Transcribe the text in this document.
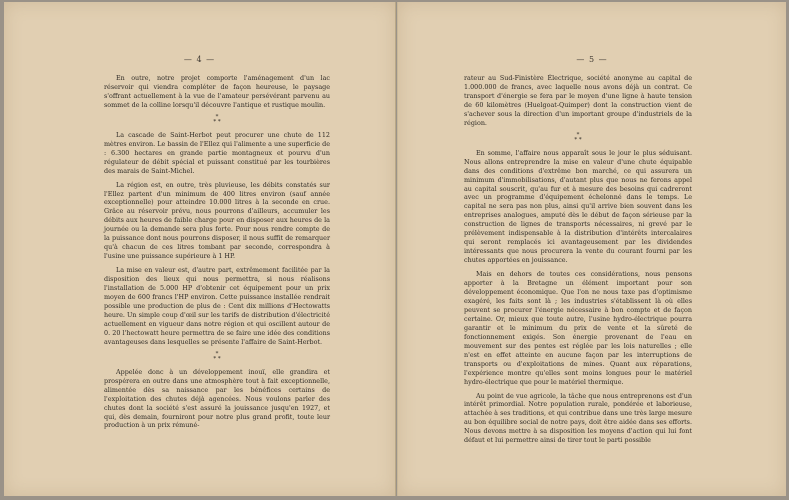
— 4 —

En outre, notre projet comporte l'aménagement d'un lac réservoir qui viendra compléter de façon heureuse, le paysage s'offrant actuellement à la vue de l'amateur persévérant parvenu au sommet de la colline lorsqu'il découvre l'antique et rustique moulin.

*
* *

La cascade de Saint-Herbot peut procurer une chute de 112 mètres environ. Le bassin de l'Ellez qui l'alimente a une superficie de : 6.300 hectares en grande partie montagneux et pourvu d'un régulateur de débit spécial et puissant constitué par les tourbières des marais de Saint-Michel.

La région est, en outre, très pluvieuse, les débits constatés sur l'Ellez partent d'un minimum de 400 litres environ (sauf année exceptionnelle) pour atteindre 10.000 litres à la seconde en crue. Grâce au réservoir prévu, nous pourrons d'ailleurs, accumuler les débits aux heures de faible charge pour en disposer aux heures de la journée ou la demande sera plus forte. Pour nous rendre compte de la puissance dont nous pourrons disposer, il nous suffit de remarquer qu'à chacun de ces litres tombant par seconde, correspondra à l'usine une puissance supérieure à 1 HP.

La mise en valeur est, d'autre part, extrêmement facilitée par la disposition des lieux qui nous permettra, si nous réalisons l'installation de 5.000 HP d'obtenir cet équipement pour un prix moyen de 600 francs l'HP environ. Cette puissance installée rendrait possible une production de plus de : Cent dix millions d'Hectowatts heure. Un simple coup d'œil sur les tarifs de distribution d'électricité actuellement en vigueur dans notre région et qui oscillent autour de 0. 20 l'hectowatt heure permettra de se faire une idée des conditions avantageuses dans lesquelles se présente l'affaire de Saint-Herbot.

*
* *

Appelée donc à un développement inouï, elle grandira et prospérera en outre dans une atmosphère tout à fait exceptionnelle, alimentée dès sa naissance par les bénéfices certains de l'exploitation des chutes déjà agencées. Nous voulons parler des chutes dont la société s'est assuré la jouissance jusqu'en 1927, et qui, dès demain, fourniront pour notre plus grand profit, toute leur production à un prix rémuné-

— 5 —

rateur au Sud-Finistère Électrique, société anonyme au capital de 1.000.000 de francs, avec laquelle nous avons déjà un contrat. Ce transport d'énergie se fera par le moyen d'une ligne à haute tension de 60 kilomètres (Huelgoat-Quimper) dont la construction vient de s'achever sous la direction d'un important groupe d'industriels de la région.

*
* *

En somme, l'affaire nous apparaît sous le jour le plus séduisant. Nous allons entreprendre la mise en valeur d'une chute équipable dans des conditions d'extrême bon marché, ce qui assurera un minimum d'immobilisations, d'autant plus que nous ne ferons appel au capital souscrit, qu'au fur et à mesure des besoins qui cadreront avec un programme d'équipement échelonné dans le temps. Le capital ne sera pas non plus, ainsi qu'il arrive bien souvent dans les entreprises analogues, amputé dès le début de façon sérieuse par la construction de lignes de transports nécessaires, ni grevé par le prélèvement indispensable à la distribution d'intérêts intercalaires qui seront remplacés ici avantageusement par les dividendes intéressants que nous procurera la vente du courant fourni par les chutes apportées en jouissance.

Mais en dehors de toutes ces considérations, nous pensons apporter à la Bretagne un élément important pour son développement économique. Que l'on ne nous taxe pas d'optimisme exagéré, les faits sont là ; les industries s'établissent là où elles peuvent se procurer l'énergie nécessaire à bon compte et de façon certaine. Or, mieux que toute autre, l'usine hydro-électrique pourra garantir et le minimum du prix de vente et la sûreté de fonctionnement exigés. Son énergie provenant de l'eau en mouvement sur des pentes est réglée par les lois naturelles ; elle n'est en effet atteinte en aucune façon par les interruptions de transports ou d'exploitations de mines. Quant aux réparations, l'expérience montre qu'elles sont moins longues pour le matériel hydro-électrique que pour le matériel thermique.

Au point de vue agricole, la tâche que nous entreprenons est d'un intérêt primordial. Notre population rurale, pondérée et laborieuse, attachée à ses traditions, et qui contribue dans une très large mesure au bon équilibre social de notre pays, doit être aidée dans ses efforts. Nous devons mettre à sa disposition les moyens d'action qui lui font défaut et lui permettre ainsi de tirer tout le parti possible
